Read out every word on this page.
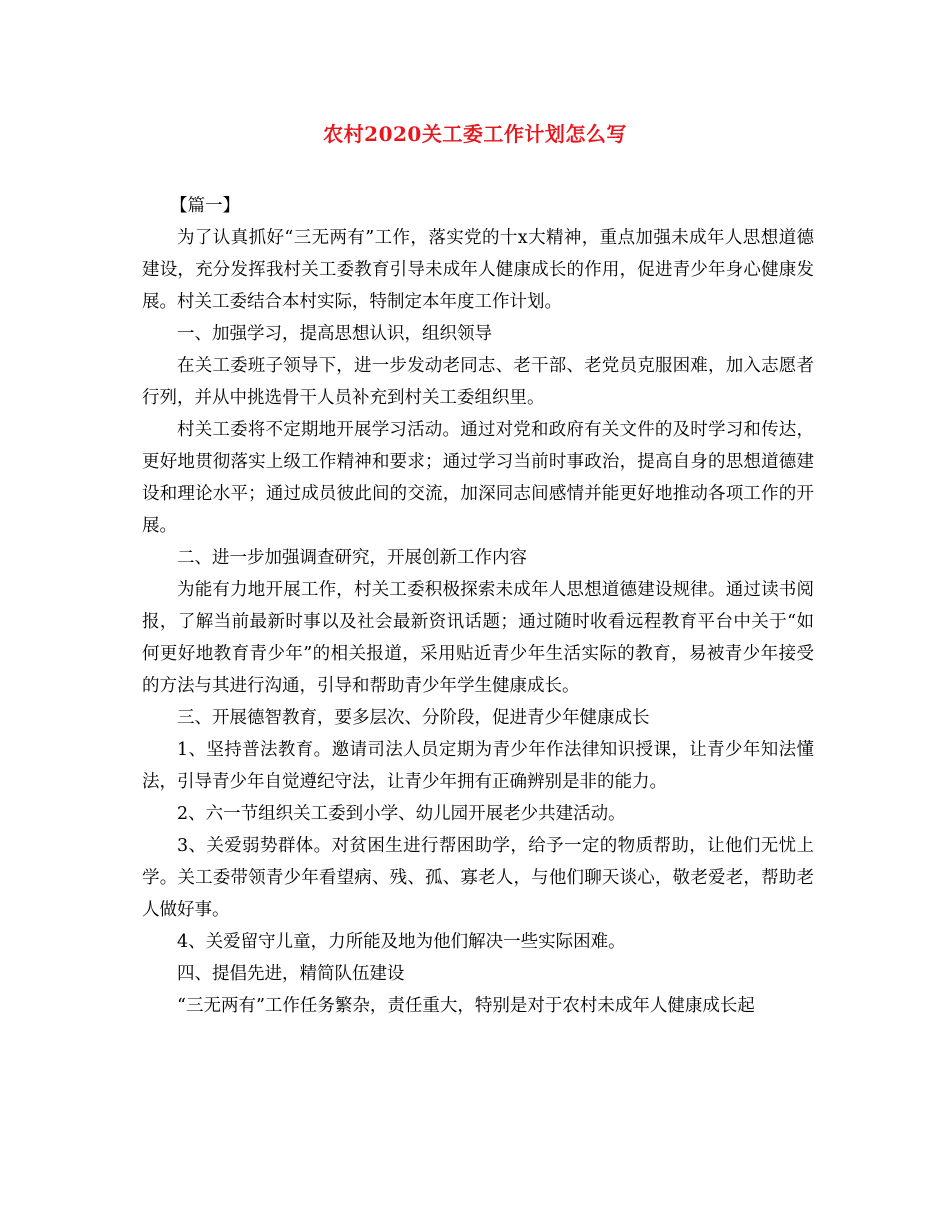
农村2020关工委工作计划怎么写

【篇一】

为了认真抓好“三无两有”工作，落实党的十x大精神，重点加强未成年人思想道德建设，充分发挥我村关工委教育引导未成年人健康成长的作用，促进青少年身心健康发展。村关工委结合本村实际，特制定本年度工作计划。

一、加强学习，提高思想认识，组织领导

在关工委班子领导下，进一步发动老同志、老干部、老党员克服困难，加入志愿者行列，并从中挑选骨干人员补充到村关工委组织里。

村关工委将不定期地开展学习活动。通过对党和政府有关文件的及时学习和传达，更好地贯彻落实上级工作精神和要求；通过学习当前时事政治，提高自身的思想道德建设和理论水平；通过成员彼此间的交流，加深同志间感情并能更好地推动各项工作的开展。

二、进一步加强调查研究，开展创新工作内容

为能有力地开展工作，村关工委积极探索未成年人思想道德建设规律。通过读书阅报，了解当前最新时事以及社会最新资讯话题；通过随时收看远程教育平台中关于“如何更好地教育青少年”的相关报道，采用贴近青少年生活实际的教育，易被青少年接受的方法与其进行沟通，引导和帮助青少年学生健康成长。

三、开展德智教育，要多层次、分阶段，促进青少年健康成长

1、坚持普法教育。邀请司法人员定期为青少年作法律知识授课，让青少年知法懂法，引导青少年自觉遵纪守法，让青少年拥有正确辨别是非的能力。

2、六一节组织关工委到小学、幼儿园开展老少共建活动。

3、关爱弱势群体。对贫困生进行帮困助学，给予一定的物质帮助，让他们无忧上学。关工委带领青少年看望病、残、孤、寡老人，与他们聊天谈心，敬老爱老，帮助老人做好事。

4、关爱留守儿童，力所能及地为他们解决一些实际困难。

四、提倡先进，精简队伍建设

“三无两有”工作任务繁杂，责任重大，特别是对于农村未成年人健康成长起
